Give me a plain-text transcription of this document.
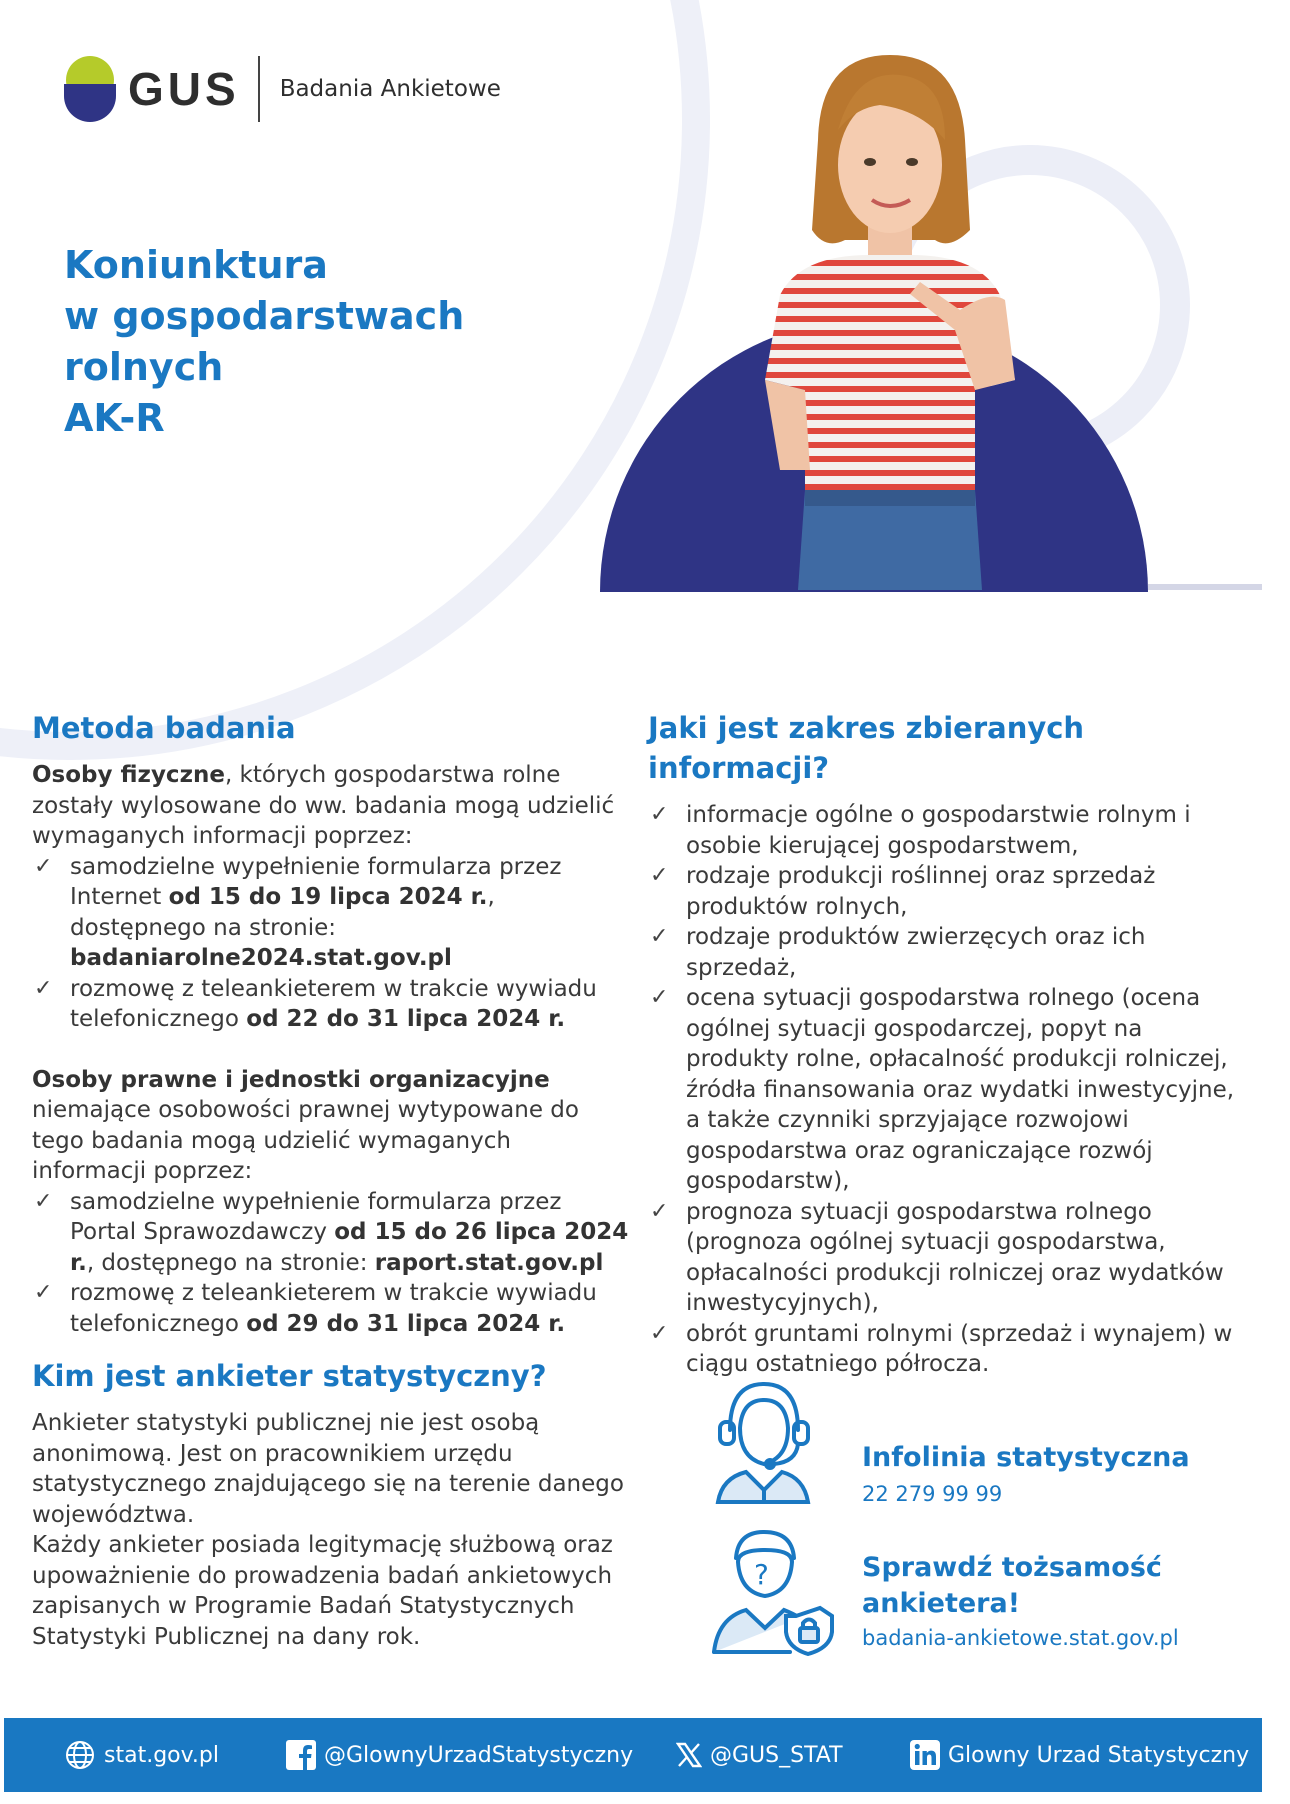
GUS Badania Ankietowe
Koniunktura
w gospodarstwach rolnych
AK-R
Metoda badania

Osoby fizyczne, których gospodarstwa rolne zostały wylosowane do ww. badania mogą udzielić wymaganych informacji poprzez:

✓ samodzielne wypełnienie formularza przez Internet od 15 do 19 lipca 2024 r., dostępnego na stronie: badaniarolne2024.stat.gov.pl
✓ rozmowę z teleankieterem w trakcie wywiadu telefonicznego od 22 do 31 lipca 2024 r.

Osoby prawne i jednostki organizacyjne
niemające osobowości prawnej wytypowane do tego badania mogą udzielić wymaganych informacji poprzez:

✓ samodzielne wypełnienie formularza przez Portal Sprawozdawczy od 15 do 26 lipca 2024 r., dostępnego na stronie: raport.stat.gov.pl
✓ rozmowę z teleankieterem w trakcie wywiadu telefonicznego od 29 do 31 lipca 2024 r.
Jaki jest zakres zbieranych informacji?
✓ informacje ogólne o gospodarstwie rolnym i osobie kierującej gospodarstwem,
✓ rodzaje produkcji roślinnej oraz sprzedaż produktów rolnych,
✓ rodzaje produktów zwierzęcych oraz ich sprzedaż,
✓ ocena sytuacji gospodarstwa rolnego (ocena ogólnej sytuacji gospodarczej, popyt na produkty rolne, opłacalność produkcji rolniczej, źródła finansowania oraz wydatki inwestycyjne, a także czynniki sprzyjające rozwojowi gospodarstwa oraz ograniczające rozwój gospodarstw),
✓ prognoza sytuacji gospodarstwa rolnego (prognoza ogólnej sytuacji gospodarstwa, opłacalności produkcji rolniczej oraz wydatków inwestycyjnych),
✓ obrót gruntami rolnymi (sprzedaż i wynajem) w ciągu ostatniego półrocza.
Kim jest ankieter statystyczny?

Ankieter statystyki publicznej nie jest osobą anonimową. Jest on pracownikiem urzędu statystycznego znajdującego się na terenie danego województwa.

Każdy ankieter posiada legitymację służbową oraz upoważnienie do prowadzenia badań ankietowych zapisanych w Programie Badań Statystycznych Statystyki Publicznej na dany rok.

Infolinia statystyczna
22 279 99 99
?	Sprawdź tożsamość
ankietera!
badania-ankietowe.stat.gov.pl
stat.gov.pl	@GlownyUrzadStatystyczny	@GUS_STAT	Glowny Urzad Statystyczny
